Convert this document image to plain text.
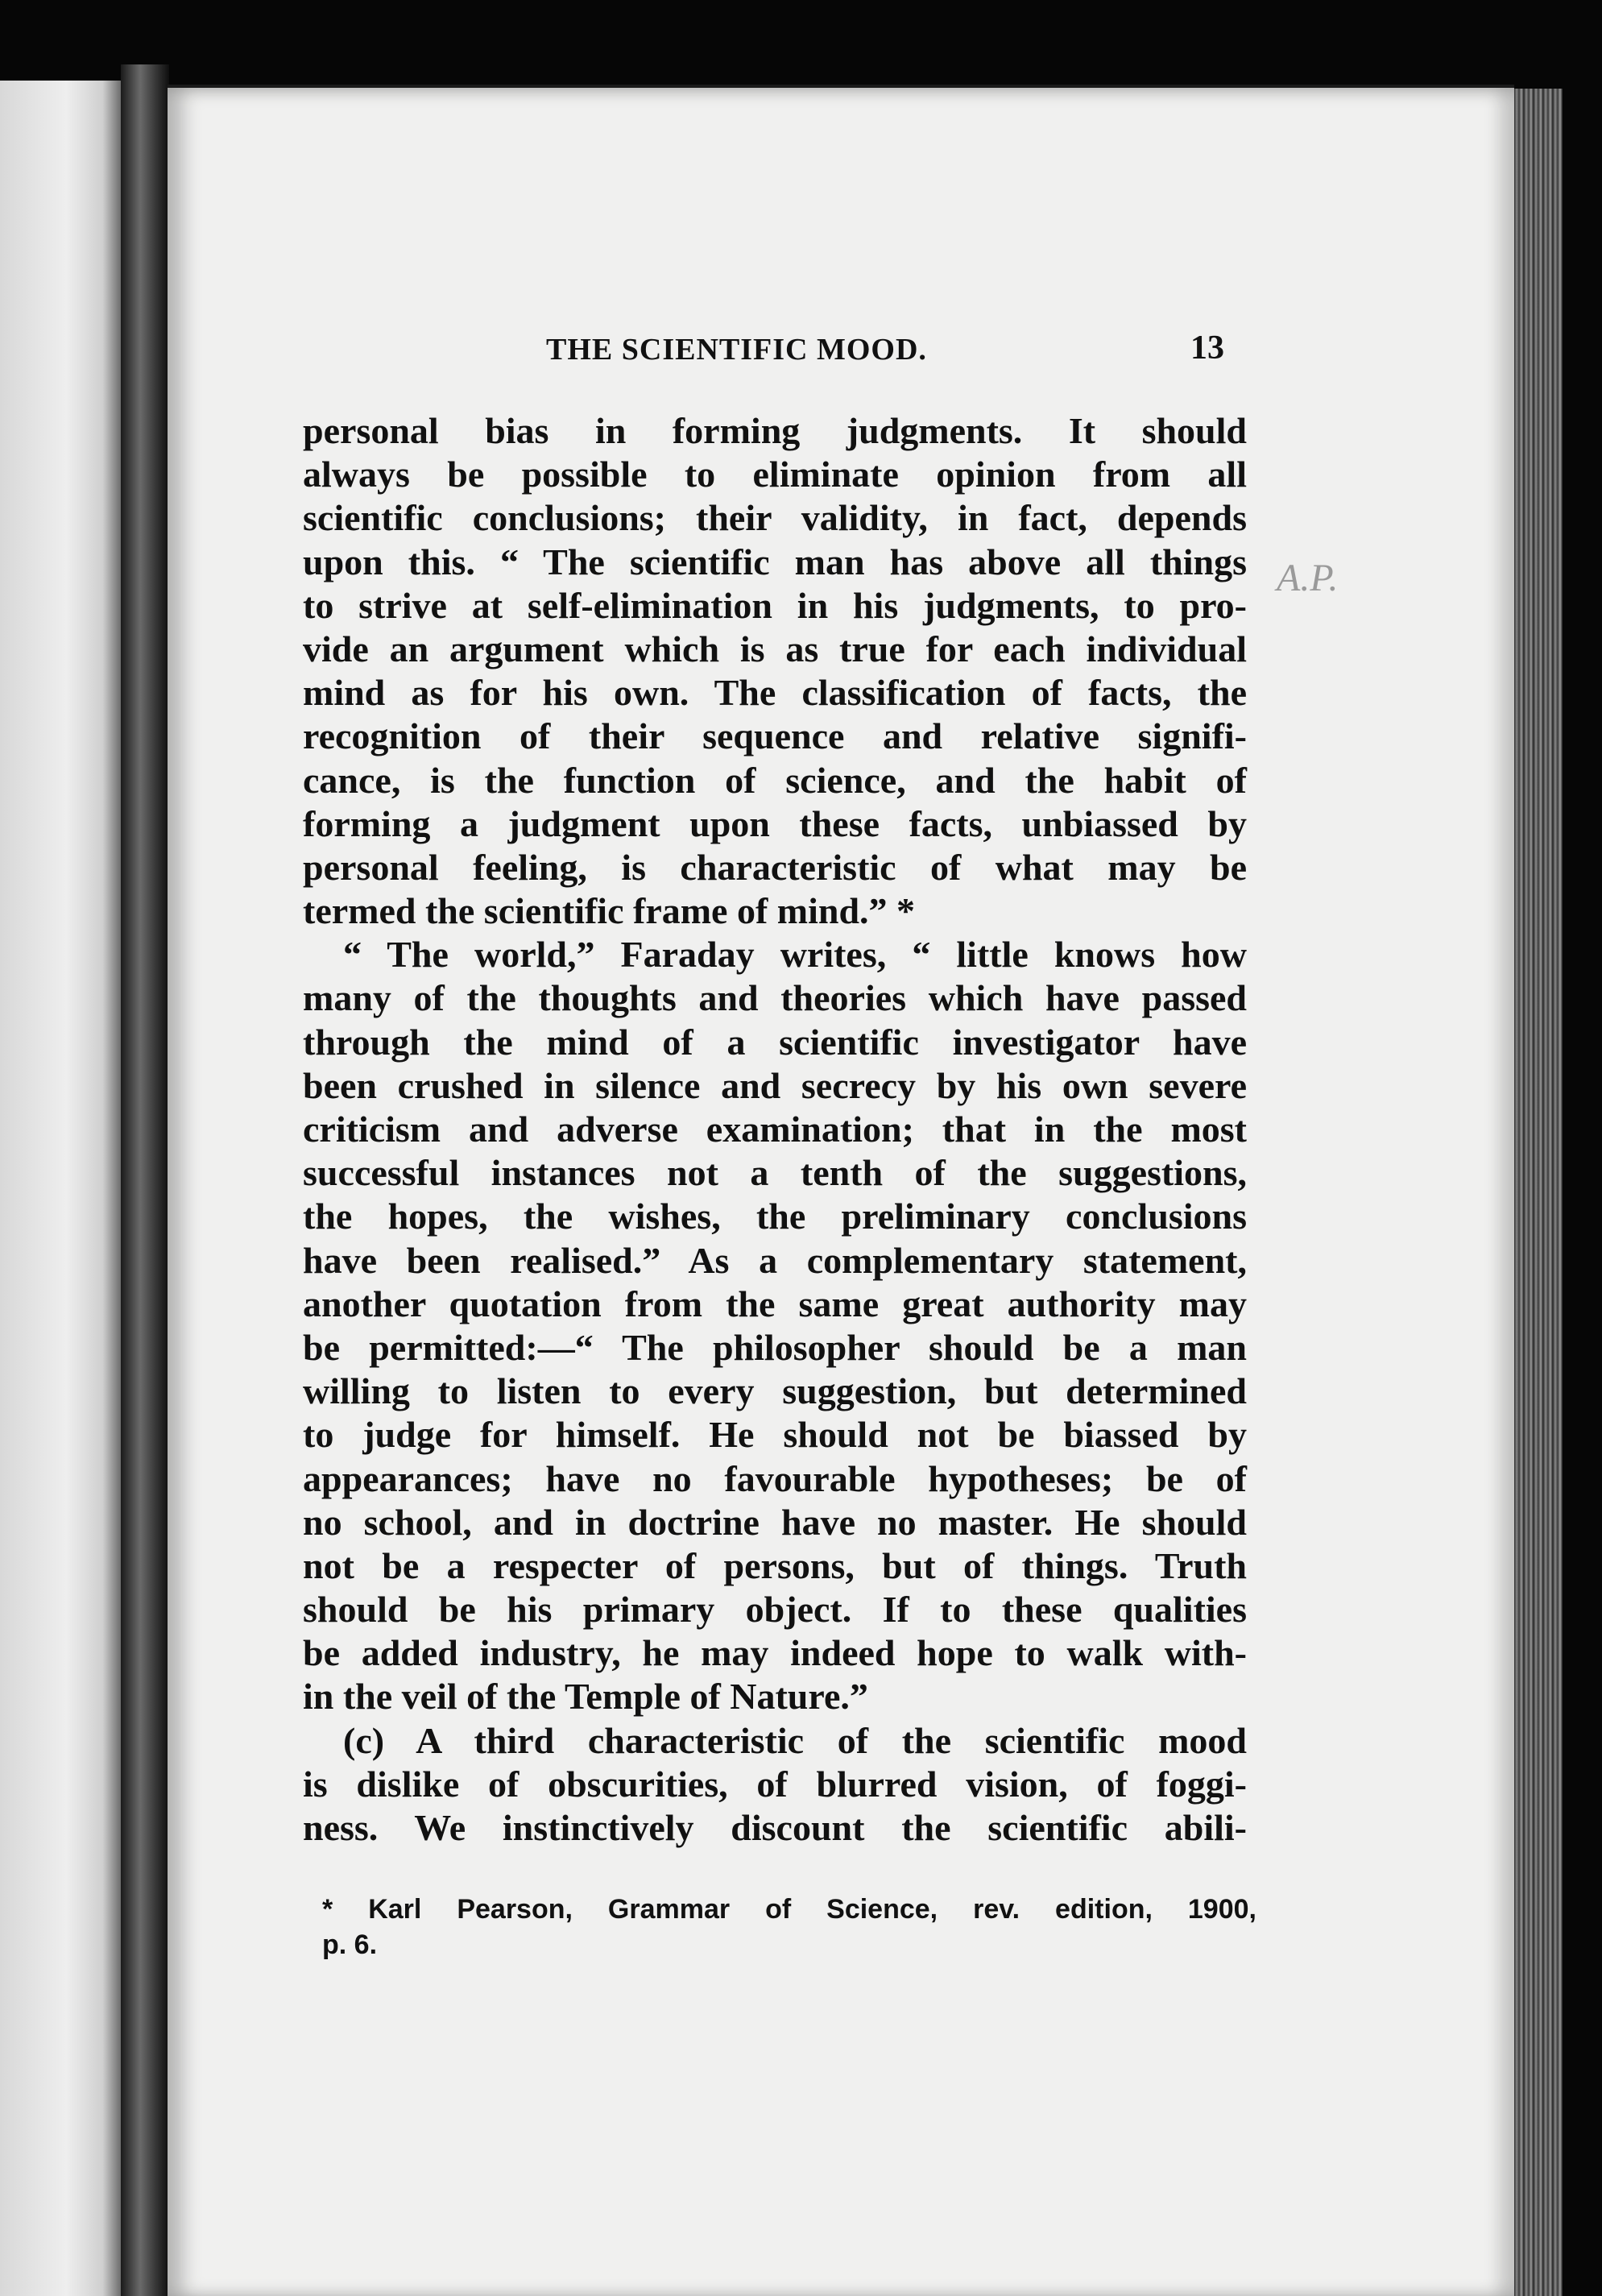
THE SCIENTIFIC MOOD.	13
personal bias in forming judgments. It should
always be possible to eliminate opinion from all
scientific conclusions; their validity, in fact, depends
upon this. “ The scientific man has above all things
to strive at self-elimination in his judgments, to pro-
vide an argument which is as true for each individual
mind as for his own. The classification of facts, the
recognition of their sequence and relative signifi-
cance, is the function of science, and the habit of
forming a judgment upon these facts, unbiassed by
personal feeling, is characteristic of what may be
termed the scientific frame of mind.” *
“ The world,” Faraday writes, “ little knows how
many of the thoughts and theories which have passed
through the mind of a scientific investigator have
been crushed in silence and secrecy by his own severe
criticism and adverse examination; that in the most
successful instances not a tenth of the suggestions,
the hopes, the wishes, the preliminary conclusions
have been realised.” As a complementary statement,
another quotation from the same great authority may
be permitted:—“ The philosopher should be a man
willing to listen to every suggestion, but determined
to judge for himself. He should not be biassed by
appearances; have no favourable hypotheses; be of
no school, and in doctrine have no master. He should
not be a respecter of persons, but of things. Truth
should be his primary object. If to these qualities
be added industry, he may indeed hope to walk with-
in the veil of the Temple of Nature.”
(c) A third characteristic of the scientific mood
is dislike of obscurities, of blurred vision, of foggi-
ness. We instinctively discount the scientific abili-
* Karl Pearson, Grammar of Science, rev. edition, 1900,
p. 6.
A.P.
